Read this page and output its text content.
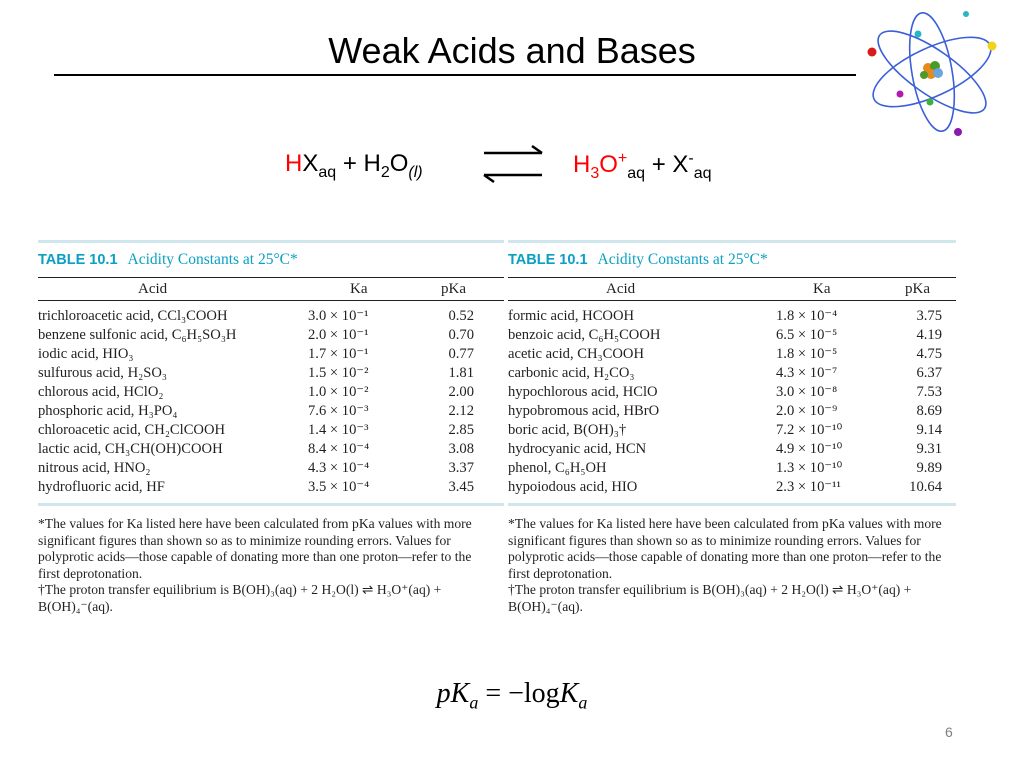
Weak Acids and Bases
$HX_{aq} + H_2O_{(l)}$	$H_3O^+_{aq} + X^-_{aq}$
TABLE 10.1 Acidity Constants at 25°C*
Acid	Ka	pKa
trichloroacetic acid, CCl₃COOH	3.0 × 10⁻¹	0.52
benzene sulfonic acid, C₆H₅SO₃H	2.0 × 10⁻¹	0.70
iodic acid, HIO₃	1.7 × 10⁻¹	0.77
sulfurous acid, H₂SO₃	1.5 × 10⁻²	1.81
chlorous acid, HClO₂	1.0 × 10⁻²	2.00
phosphoric acid, H₃PO₄	7.6 × 10⁻³	2.12
chloroacetic acid, CH₂ClCOOH	1.4 × 10⁻³	2.85
lactic acid, CH₃CH(OH)COOH	8.4 × 10⁻⁴	3.08
nitrous acid, HNO₂	4.3 × 10⁻⁴	3.37
hydrofluoric acid, HF	3.5 × 10⁻⁴	3.45

*The values for Ka listed here have been calculated from pKa values with more significant figures than shown so as to minimize rounding errors. Values for polyprotic acids—those capable of donating more than one proton—refer to the first deprotonation.

†The proton transfer equilibrium is B(OH)₃(aq) + 2 H₂O(l) ⇌ H₃O⁺(aq) + B(OH)₄⁻(aq).

TABLE 10.1 Acidity Constants at 25°C*
Acid	Ka	pKa
formic acid, HCOOH	1.8 × 10⁻⁴	3.75
benzoic acid, C₆H₅COOH	6.5 × 10⁻⁵	4.19
acetic acid, CH₃COOH	1.8 × 10⁻⁵	4.75
carbonic acid, H₂CO₃	4.3 × 10⁻⁷	6.37
hypochlorous acid, HClO	3.0 × 10⁻⁸	7.53
hypobromous acid, HBrO	2.0 × 10⁻⁹	8.69
boric acid, B(OH)₃†	7.2 × 10⁻¹⁰	9.14
hydrocyanic acid, HCN	4.9 × 10⁻¹⁰	9.31
phenol, C₆H₅OH	1.3 × 10⁻¹⁰	9.89
hypoiodous acid, HIO	2.3 × 10⁻¹¹	10.64

*The values for Ka listed here have been calculated from pKa values with more significant figures than shown so as to minimize rounding errors. Values for polyprotic acids—those capable of donating more than one proton—refer to the first deprotonation.

†The proton transfer equilibrium is B(OH)₃(aq) + 2 H₂O(l) ⇌ H₃O⁺(aq) + B(OH)₄⁻(aq).

$pK_a = -\log K_a$
6
